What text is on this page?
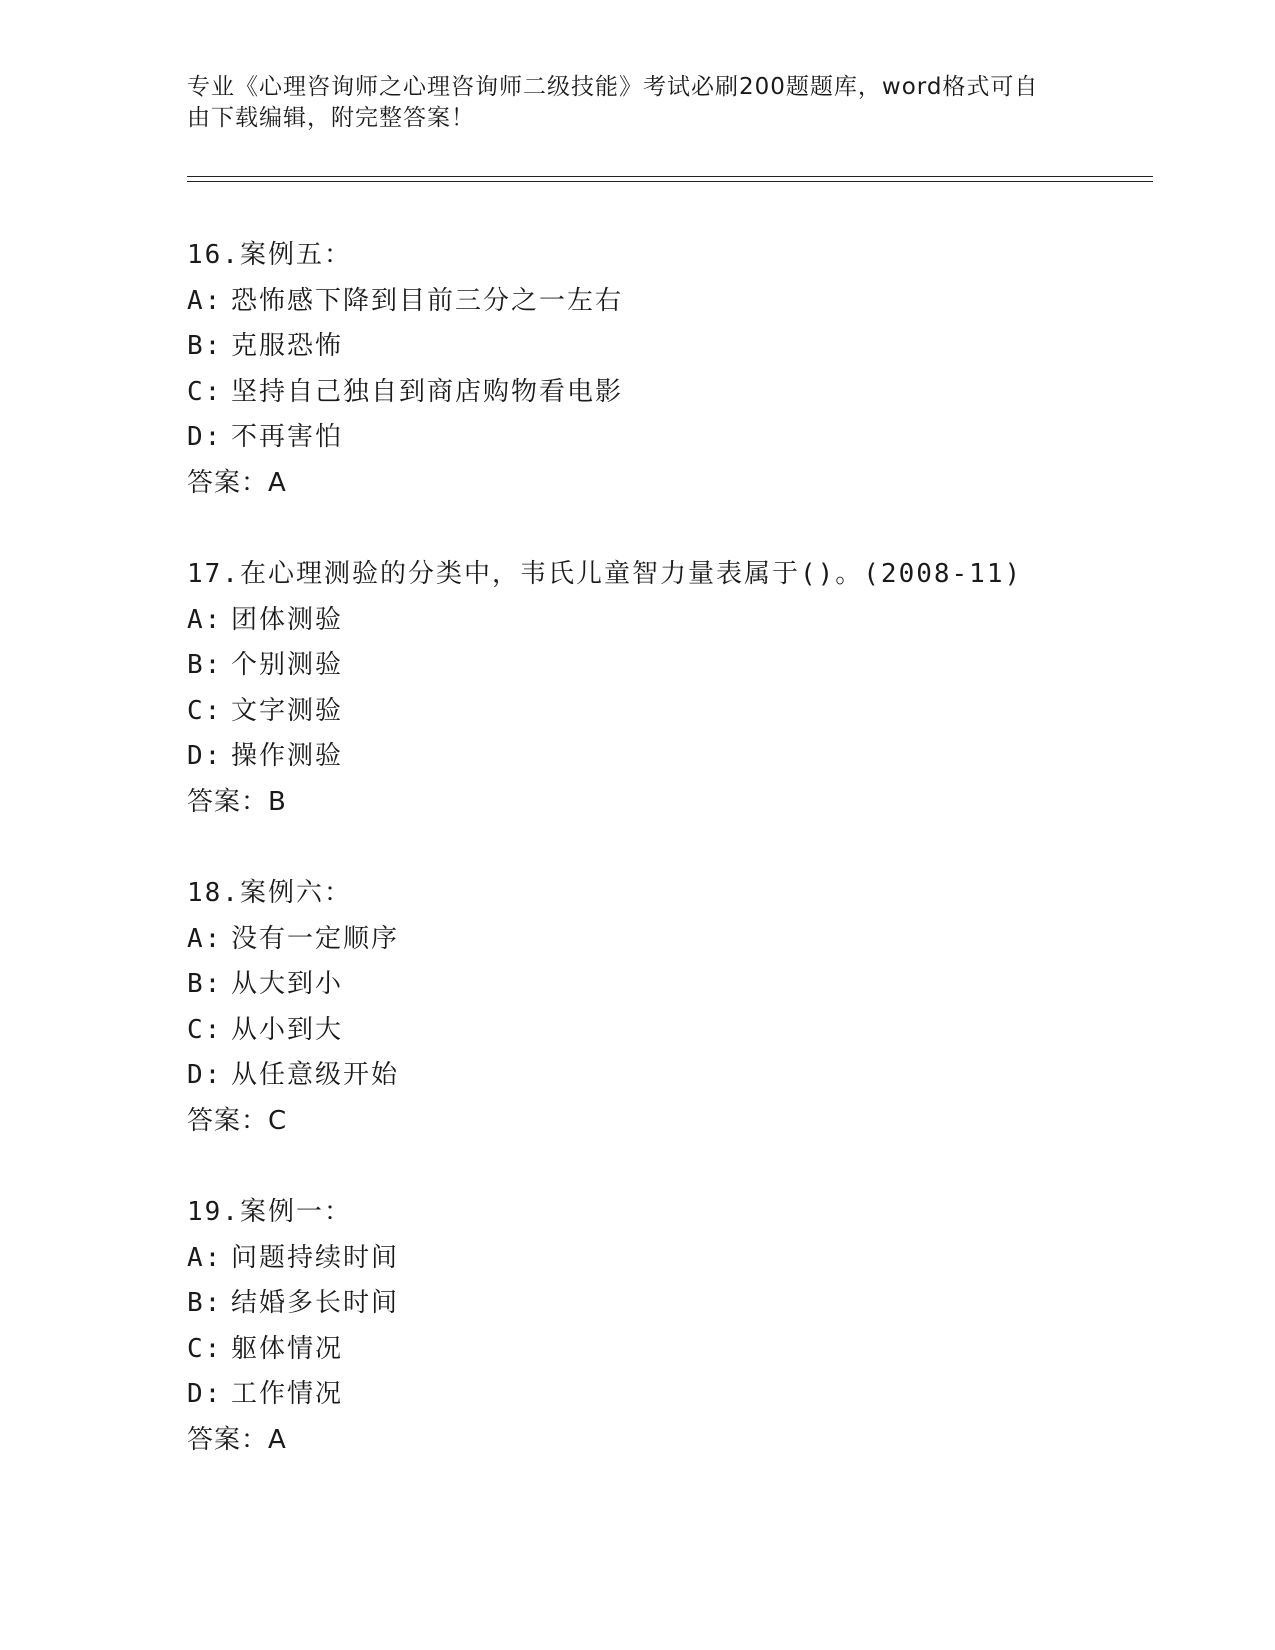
专业《心理咨询师之心理咨询师二级技能》考试必刷200题题库，word格式可自
由下载编辑，附完整答案！
16.案例五：
A: 恐怖感下降到目前三分之一左右
B: 克服恐怖
C: 坚持自己独自到商店购物看电影
D: 不再害怕
答案：A
17.在心理测验的分类中，韦氏儿童智力量表属于()。(2008-11)
A: 团体测验
B: 个别测验
C: 文字测验
D: 操作测验
答案：B
18.案例六：
A: 没有一定顺序
B: 从大到小
C: 从小到大
D: 从任意级开始
答案：C
19.案例一：
A: 问题持续时间
B: 结婚多长时间
C: 躯体情况
D: 工作情况
答案：A
